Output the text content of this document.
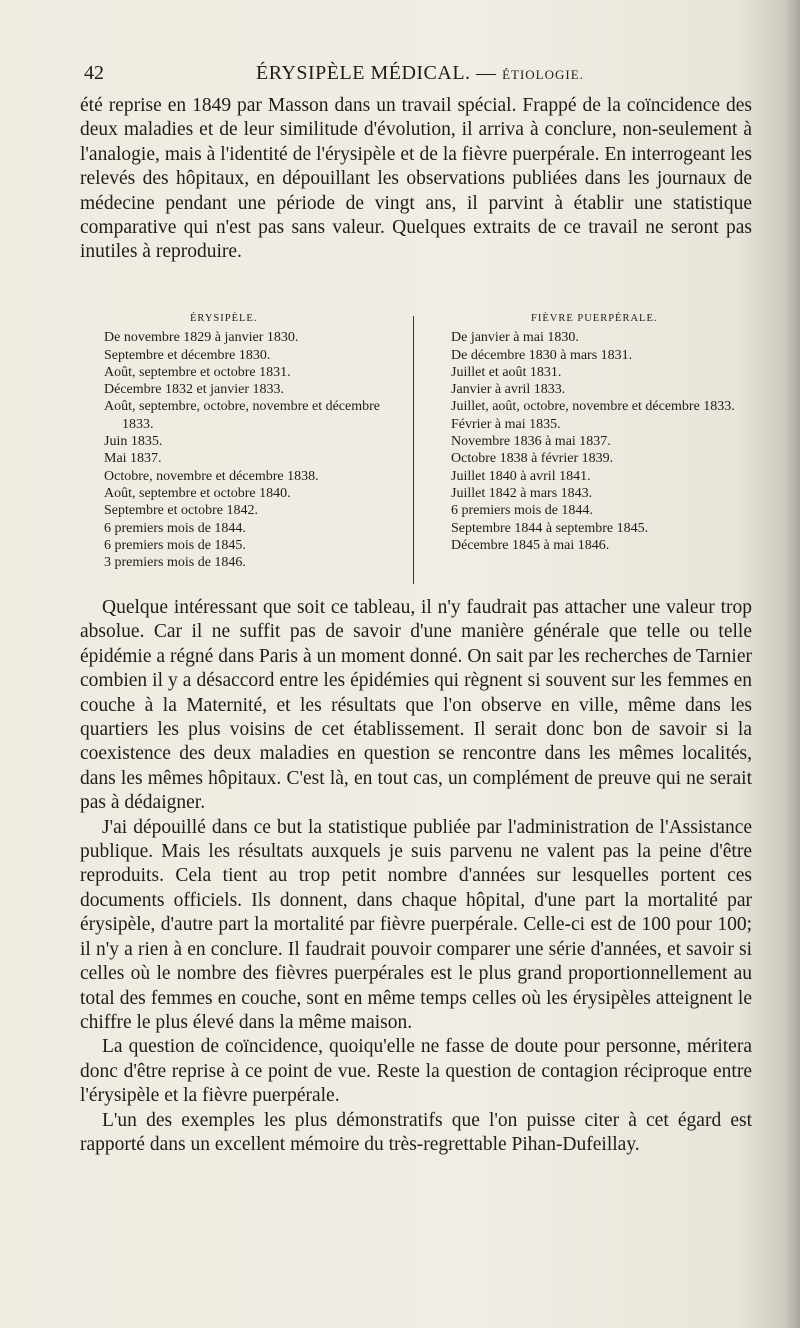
42	ÉRYSIPÈLE MÉDICAL. — ÉTIOLOGIE.
été reprise en 1849 par Masson dans un travail spécial. Frappé de la coïncidence des deux maladies et de leur similitude d'évolution, il arriva à conclure, non-seulement à l'analogie, mais à l'identité de l'érysipèle et de la fièvre puerpérale. En interrogeant les relevés des hôpitaux, en dépouillant les observations publiées dans les journaux de médecine pendant une période de vingt ans, il parvint à établir une statistique comparative qui n'est pas sans valeur. Quelques extraits de ce travail ne seront pas inutiles à reproduire.
ÉRYSIPÈLE.
De novembre 1829 à janvier 1830.
Septembre et décembre 1830.
Août, septembre et octobre 1831.
Décembre 1832 et janvier 1833.
Août, septembre, octobre, novembre et décembre 1833.
Juin 1835.
Mai 1837.
Octobre, novembre et décembre 1838.
Août, septembre et octobre 1840.
Septembre et octobre 1842.
6 premiers mois de 1844.
6 premiers mois de 1845.
3 premiers mois de 1846.
FIÈVRE PUERPÉRALE.
De janvier à mai 1830.
De décembre 1830 à mars 1831.
Juillet et août 1831.
Janvier à avril 1833.
Juillet, août, octobre, novembre et décembre 1833.
Février à mai 1835.
Novembre 1836 à mai 1837.
Octobre 1838 à février 1839.
Juillet 1840 à avril 1841.
Juillet 1842 à mars 1843.
6 premiers mois de 1844.
Septembre 1844 à septembre 1845.
Décembre 1845 à mai 1846.
Quelque intéressant que soit ce tableau, il n'y faudrait pas attacher une valeur trop absolue. Car il ne suffit pas de savoir d'une manière générale que telle ou telle épidémie a régné dans Paris à un moment donné. On sait par les recherches de Tarnier combien il y a désaccord entre les épidémies qui règnent si souvent sur les femmes en couche à la Maternité, et les résultats que l'on observe en ville, même dans les quartiers les plus voisins de cet établissement. Il serait donc bon de savoir si la coexistence des deux maladies en question se rencontre dans les mêmes localités, dans les mêmes hôpitaux. C'est là, en tout cas, un complément de preuve qui ne serait pas à dédaigner.
J'ai dépouillé dans ce but la statistique publiée par l'administration de l'Assistance publique. Mais les résultats auxquels je suis parvenu ne valent pas la peine d'être reproduits. Cela tient au trop petit nombre d'années sur lesquelles portent ces documents officiels. Ils donnent, dans chaque hôpital, d'une part la mortalité par érysipèle, d'autre part la mortalité par fièvre puerpérale. Celle-ci est de 100 pour 100; il n'y a rien à en conclure. Il faudrait pouvoir comparer une série d'années, et savoir si celles où le nombre des fièvres puerpérales est le plus grand proportionnellement au total des femmes en couche, sont en même temps celles où les érysipèles atteignent le chiffre le plus élevé dans la même maison.
La question de coïncidence, quoiqu'elle ne fasse de doute pour personne, méritera donc d'être reprise à ce point de vue. Reste la question de contagion réciproque entre l'érysipèle et la fièvre puerpérale.
L'un des exemples les plus démonstratifs que l'on puisse citer à cet égard est rapporté dans un excellent mémoire du très-regrettable Pihan-Dufeillay.
